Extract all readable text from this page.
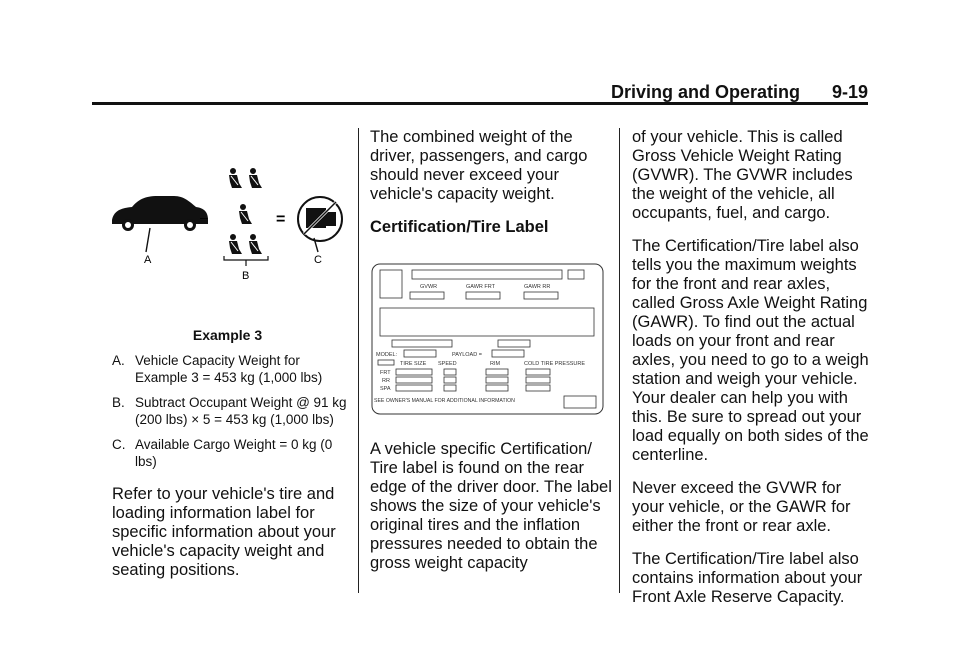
Driving and Operating 9-19
A
–
B
=
C
Example 3
A. Vehicle Capacity Weight for Example 3 = 453 kg (1,000 lbs)
B. Subtract Occupant Weight @ 91 kg (200 lbs) × 5 = 453 kg (1,000 lbs)
C. Available Cargo Weight = 0 kg (0 lbs)
Refer to your vehicle's tire and loading information label for specific information about your vehicle's capacity weight and seating positions.

The combined weight of the driver, passengers, and cargo should never exceed your vehicle's capacity weight.

Certification/Tire Label
GVWR	GAWR FRT	GAWR RR
MODEL:	PAYLOAD =
TIRE SIZE SPEED	RIM	COLD TIRE PRESSURE
FRT
RR
SPA
SEE OWNER'S MANUAL FOR ADDITIONAL INFORMATION
A vehicle specific Certification/ Tire label is found on the rear edge of the driver door. The label shows the size of your vehicle's original tires and the inflation pressures needed to obtain the gross weight capacity

of your vehicle. This is called Gross Vehicle Weight Rating (GVWR). The GVWR includes the weight of the vehicle, all occupants, fuel, and cargo.

The Certification/Tire label also tells you the maximum weights for the front and rear axles, called Gross Axle Weight Rating (GAWR). To find out the actual loads on your front and rear axles, you need to go to a weigh station and weigh your vehicle. Your dealer can help you with this. Be sure to spread out your load equally on both sides of the centerline.

Never exceed the GVWR for your vehicle, or the GAWR for either the front or rear axle.

The Certification/Tire label also contains information about your Front Axle Reserve Capacity.
